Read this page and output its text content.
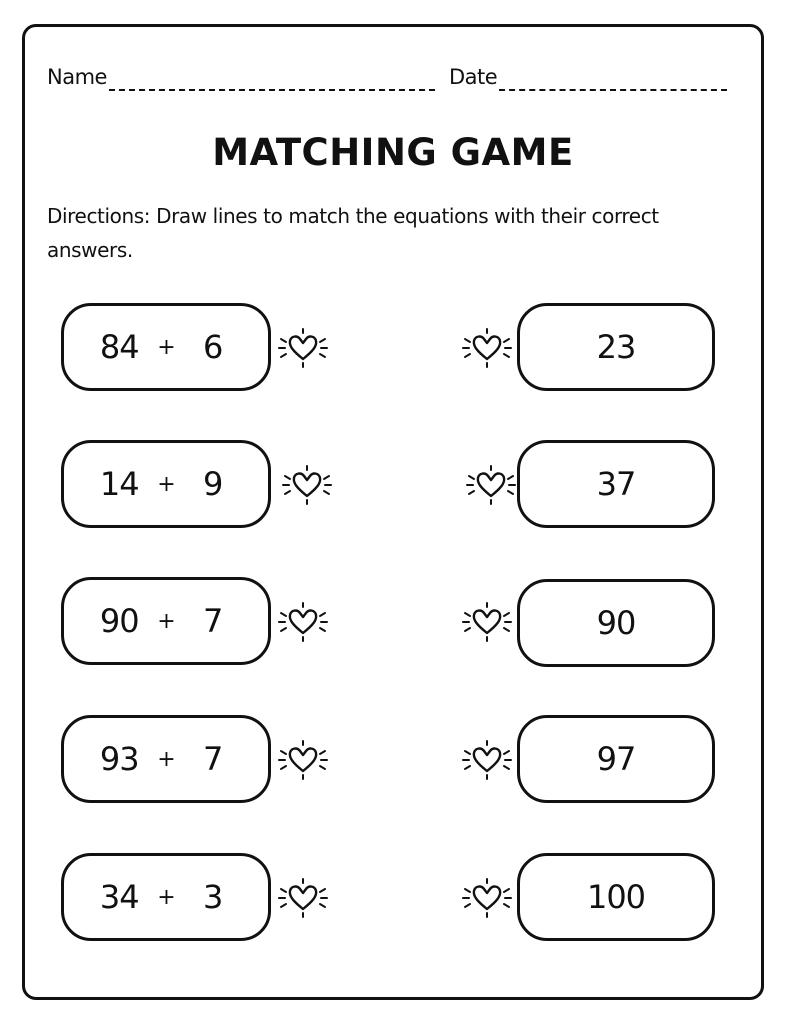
Name	Date
MATCHING GAME
Directions: Draw lines to match the equations with their correct answers.
84 + 6	23
14 + 9	37
90 + 7	90
93 + 7	97
34 + 3	100
